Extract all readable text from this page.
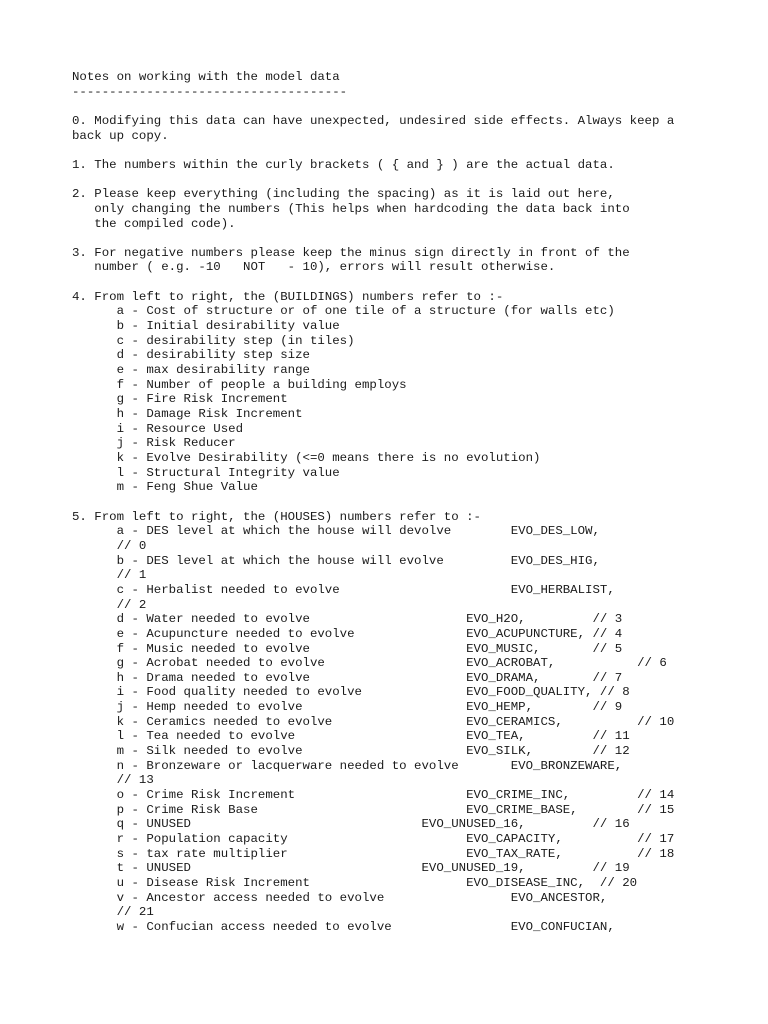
Notes on working with the model data
-------------------------------------
0. Modifying this data can have unexpected, undesired side effects. Always keep a
back up copy.
1. The numbers within the curly brackets ( { and } ) are the actual data.
2. Please keep everything (including the spacing) as it is laid out here,
only changing the numbers (This helps when hardcoding the data back into
the compiled code).
3. For negative numbers please keep the minus sign directly in front of the
number ( e.g. -10   NOT   - 10), errors will result otherwise.
4. From left to right, the (BUILDINGS) numbers refer to :-
a - Cost of structure or of one tile of a structure (for walls etc)
b - Initial desirability value
c - desirability step (in tiles)
d - desirability step size
e - max desirability range
f - Number of people a building employs
g - Fire Risk Increment
h - Damage Risk Increment
i - Resource Used
j - Risk Reducer
k - Evolve Desirability (<=0 means there is no evolution)
l - Structural Integrity value
m - Feng Shue Value
5. From left to right, the (HOUSES) numbers refer to :-
a - DES level at which the house will devolve        EVO_DES_LOW,
// 0
b - DES level at which the house will evolve         EVO_DES_HIG,
// 1
c - Herbalist needed to evolve                       EVO_HERBALIST,
// 2
d - Water needed to evolve                     EVO_H2O,         // 3
e - Acupuncture needed to evolve               EVO_ACUPUNCTURE, // 4
f - Music needed to evolve                     EVO_MUSIC,       // 5
g - Acrobat needed to evolve                   EVO_ACROBAT,           // 6
h - Drama needed to evolve                     EVO_DRAMA,       // 7
i - Food quality needed to evolve              EVO_FOOD_QUALITY, // 8
j - Hemp needed to evolve                      EVO_HEMP,        // 9
k - Ceramics needed to evolve                  EVO_CERAMICS,          // 10
l - Tea needed to evolve                       EVO_TEA,         // 11
m - Silk needed to evolve                      EVO_SILK,        // 12
n - Bronzeware or lacquerware needed to evolve       EVO_BRONZEWARE,
// 13
o - Crime Risk Increment                       EVO_CRIME_INC,         // 14
p - Crime Risk Base                            EVO_CRIME_BASE,        // 15
q - UNUSED                               EVO_UNUSED_16,         // 16
r - Population capacity                        EVO_CAPACITY,          // 17
s - tax rate multiplier                        EVO_TAX_RATE,          // 18
t - UNUSED                               EVO_UNUSED_19,         // 19
u - Disease Risk Increment                     EVO_DISEASE_INC,  // 20
v - Ancestor access needed to evolve                 EVO_ANCESTOR,
// 21
w - Confucian access needed to evolve                EVO_CONFUCIAN,
